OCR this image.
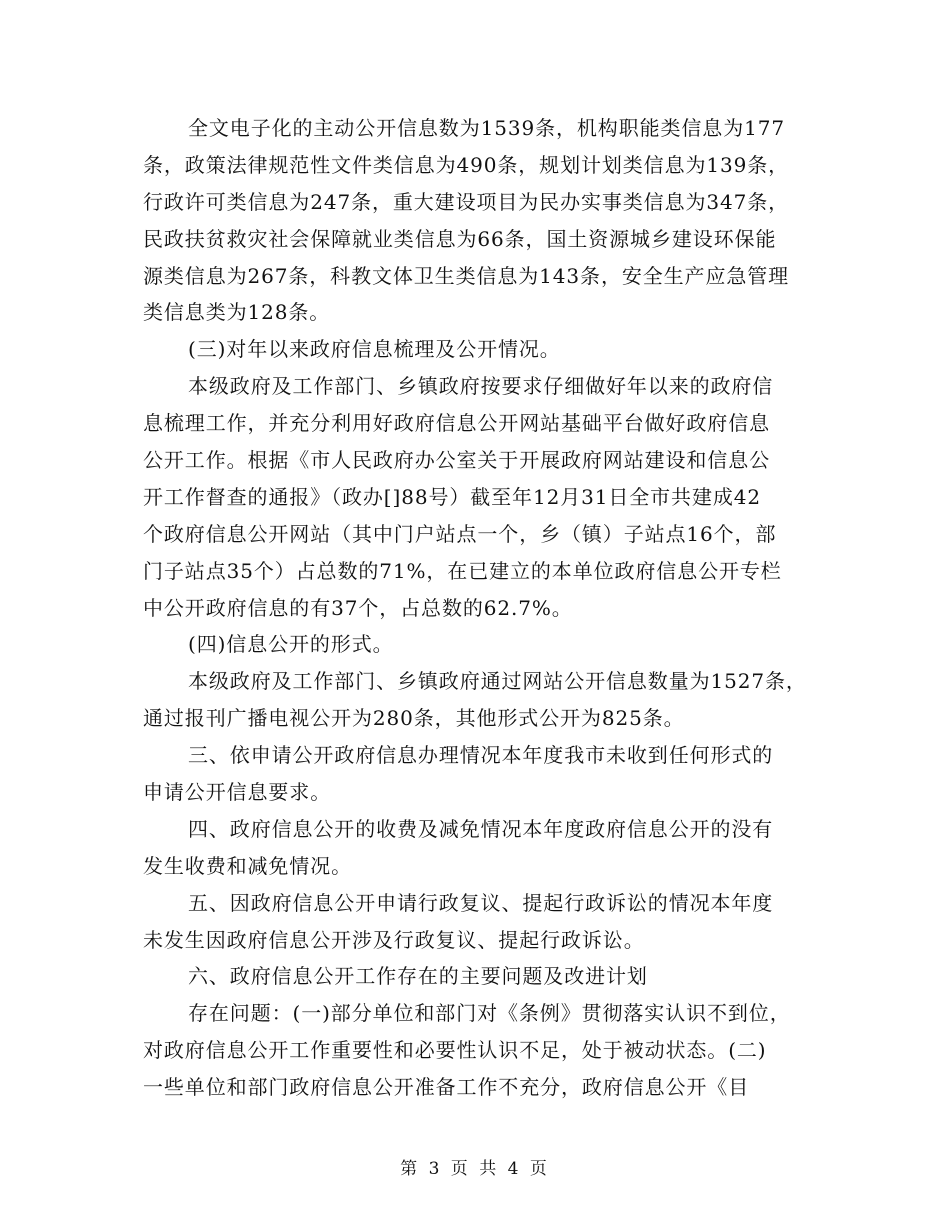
全文电子化的主动公开信息数为1539条，机构职能类信息为177
条，政策法律规范性文件类信息为490条，规划计划类信息为139条，
行政许可类信息为247条，重大建设项目为民办实事类信息为347条，
民政扶贫救灾社会保障就业类信息为66条，国土资源城乡建设环保能
源类信息为267条，科教文体卫生类信息为143条，安全生产应急管理
类信息类为128条。
(三)对年以来政府信息梳理及公开情况。
本级政府及工作部门、乡镇政府按要求仔细做好年以来的政府信
息梳理工作，并充分利用好政府信息公开网站基础平台做好政府信息
公开工作。根据《市人民政府办公室关于开展政府网站建设和信息公
开工作督查的通报》（政办[]88号）截至年12月31日全市共建成42
个政府信息公开网站（其中门户站点一个，乡（镇）子站点16个，部
门子站点35个）占总数的71%，在已建立的本单位政府信息公开专栏
中公开政府信息的有37个，占总数的62.7%。
(四)信息公开的形式。
本级政府及工作部门、乡镇政府通过网站公开信息数量为1527条，
通过报刊广播电视公开为280条，其他形式公开为825条。
三、依申请公开政府信息办理情况本年度我市未收到任何形式的
申请公开信息要求。
四、政府信息公开的收费及减免情况本年度政府信息公开的没有
发生收费和减免情况。
五、因政府信息公开申请行政复议、提起行政诉讼的情况本年度
未发生因政府信息公开涉及行政复议、提起行政诉讼。
六、政府信息公开工作存在的主要问题及改进计划
存在问题：(一)部分单位和部门对《条例》贯彻落实认识不到位，
对政府信息公开工作重要性和必要性认识不足，处于被动状态。(二)
一些单位和部门政府信息公开准备工作不充分，政府信息公开《目
第 3 页 共 4 页
